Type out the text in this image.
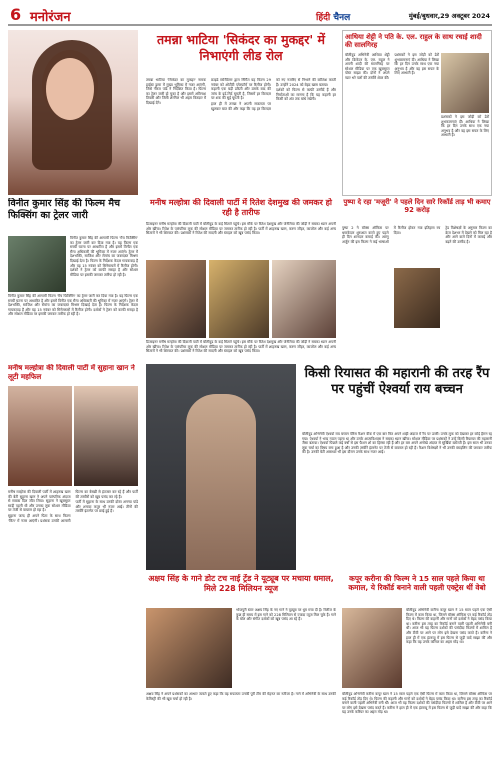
6 मनोरंजन	हिंदी चैनल	मुंबई/बुधवार,29 अक्टूबर 2024
तमन्ना भाटिया 'सिकंदर का मुकद्दर' में निभाएंगी लीड रोल

तमन्ना भाटिया 'सिकंदर का मुकद्दर' नामक हाईस्ट ड्रामा में मुख्य भूमिका में नजर आएंगी, जिसे नीरज पांडे ने निर्देशित किया है। फिल्म का ट्रेलर जारी हो चुका है और इसमें अविनाश तिवारी और जिमी शेरगिल भी अहम किरदार में दिखाई देंगे।

फ्राइडे स्टोरीटेलर द्वारा निर्मित यह फिल्म 29 नवंबर को ओटीटी प्लेटफॉर्म पर रिलीज होगी। कहानी एक बड़ी डकैती और उसके बाद की जांच के इर्द-गिर्द घूमती है, जिसमें हर किरदार पर शक की सुई घूमती है।

हाल ही में तमन्ना ने अपनी सफलता पर खुलकर बात की और कहा कि वह हर किरदार को नए नजरिए से निभाने की कोशिश करती हैं। उन्होंने 2024 को बेहद खास बताया।

दर्शकों को फिल्म से काफी उम्मीदें हैं और निर्माताओं का मानना है कि यह कहानी हर किसी को अंत तक बांधे रखेगी।

आथिया शेट्टी ने पति के. एल. राहुल के साथ रचाई शादी की सालगिरह

बॉलीवुड अभिनेत्री आथिया शेट्टी और क्रिकेटर के. एल. राहुल ने अपनी शादी की सालगिरह पर सोशल मीडिया पर एक खूबसूरत पोस्ट साझा की। दोनों ने अपने प्यार भरे पलों की तस्वीरें शेयर कीं।

प्रशंसकों ने इस जोड़ी को ढेरों शुभकामनाएं दीं। आथिया ने लिखा कि हर दिन उनके साथ एक नया अनुभव है और वह इस सफर के लिए आभारी हैं।

प्रशंसकों ने इस जोड़ी को ढेरों शुभकामनाएं दीं। आथिया ने लिखा कि हर दिन उनके साथ एक नया अनुभव है और वह इस सफर के लिए आभारी हैं।

पुष्पा दे रहा 'मजूरी' ने पहले दिन सारे रिकॉर्ड ताड़ भी कमाए 92 करोड़

पुष्पा 2 ने बॉक्स ऑफिस पर धमाकेदार शुरुआत करते हुए पहले ही दिन शानदार कमाई की। अल्लू अर्जुन की इस फिल्म ने कई भाषाओं में रिलीज होकर नया इतिहास रच दिया।

ट्रेड विशेषज्ञों के अनुसार फिल्म का क्रेज देशभर में देखने को मिल रहा है और आने वाले दिनों में कमाई और बढ़ने की उम्मीद है।

विनीत कुमार सिंह की फिल्म मैच फिक्सिंग का ट्रेलर जारी
विनीत कुमार सिंह की आगामी फिल्म 'मैच फिक्सिंग' का ट्रेलर जारी कर दिया गया है। यह फिल्म एक सच्ची घटना पर आधारित है और इसमें विनीत एक सैन्य अधिकारी की भूमिका में नजर आएंगे। ट्रेलर में देशभक्ति, साजिश और रोमांच का जबरदस्त मिश्रण दिखाई देता है। फिल्म के निर्देशक केदार गायकवाड़ हैं और यह 15 नवंबर को सिनेमाघरों में रिलीज होगी। दर्शकों ने ट्रेलर को काफी सराहा है और सोशल मीडिया पर इसकी जमकर तारीफ हो रही है।
विनीत कुमार सिंह की आगामी फिल्म 'मैच फिक्सिंग' का ट्रेलर जारी कर दिया गया है। यह फिल्म एक सच्ची घटना पर आधारित है और इसमें विनीत एक सैन्य अधिकारी की भूमिका में नजर आएंगे। ट्रेलर में देशभक्ति, साजिश और रोमांच का जबरदस्त मिश्रण दिखाई देता है। फिल्म के निर्देशक केदार गायकवाड़ हैं और यह 15 नवंबर को सिनेमाघरों में रिलीज होगी। दर्शकों ने ट्रेलर को काफी सराहा है और सोशल मीडिया पर इसकी जमकर तारीफ हो रही है।
मनीष मल्होत्रा की दिवाली पार्टी में रितेश देशमुख की जमकर हो रही है तारीफ
डिजाइनर मनीष मल्होत्रा की दिवाली पार्टी में बॉलीवुड के कई सितारे पहुंचे। इस मौके पर रितेश देशमुख और जेनेलिया की जोड़ी ने सबका ध्यान अपनी ओर खींचा। रितेश के पारंपरिक लुक की सोशल मीडिया पर जमकर तारीफ हो रही है। पार्टी में शाहरुख खान, करण जौहर, काजोल और कई अन्य सितारों ने भी शिरकत की। प्रशंसकों ने रितेश की सादगी और स्टाइल को खूब पसंद किया।
डिजाइनर मनीष मल्होत्रा की दिवाली पार्टी में बॉलीवुड के कई सितारे पहुंचे। इस मौके पर रितेश देशमुख और जेनेलिया की जोड़ी ने सबका ध्यान अपनी ओर खींचा। रितेश के पारंपरिक लुक की सोशल मीडिया पर जमकर तारीफ हो रही है। पार्टी में शाहरुख खान, करण जौहर, काजोल और कई अन्य सितारों ने भी शिरकत की। प्रशंसकों ने रितेश की सादगी और स्टाइल को खूब पसंद किया।
मनीष मल्होत्रा की दिवाली पार्टी में सुहाना खान ने लूटी महफिल

मनीष मल्होत्रा की दिवाली पार्टी में शाहरुख खान की बेटी सुहाना खान ने अपने पारंपरिक अंदाज से सबका दिल जीत लिया। सुहाना ने खूबसूरत साड़ी पहनी थी और उनका लुक सोशल मीडिया पर तेजी से वायरल हो रहा है।

सुहाना जल्द ही अपने पिता के साथ फिल्म 'किंग' में नजर आएंगी। प्रशंसक उनकी आगामी फिल्म का बेसब्री से इंतजार कर रहे हैं और पार्टी की तस्वीरों को खूब पसंद कर रहे हैं।

पार्टी में सुहाना के साथ उनकी दोस्त अनन्या पांडे और शनाया कपूर भी नजर आईं। तीनों की तस्वीरें इंटरनेट पर छाई हुई हैं।

किसी रियासत की महारानी की तरह रैंप पर पहुंचीं ऐश्वर्या राय बच्चन
बॉलीवुड अभिनेत्री ऐश्वर्या राय बच्चन पेरिस फैशन वीक में एक बार फिर अपने शाही अंदाज में रैंप पर उतरीं। उनके लुक को देखकर हर कोई हैरान रह गया। ऐश्वर्या ने भव्य गाउन पहना था और उनके आत्मविश्वास ने सबका ध्यान खींचा। सोशल मीडिया पर प्रशंसकों ने उन्हें किसी रियासत की महारानी जैसा बताया। ऐश्वर्या पिछले कई वर्षों से इस फैशन शो का हिस्सा रही हैं और हर बार अपने अनोखे अंदाज से सुर्खियां बटोरती हैं। इस साल भी उनका लुक चर्चा का विषय बना हुआ है और उनकी तस्वीरें इंटरनेट पर तेजी से वायरल हो रही हैं। फैशन विशेषज्ञों ने भी उनकी स्टाइलिंग की जमकर तारीफ की है। उनकी बेटी आराध्या भी इस दौरान उनके साथ नजर आईं।
अक्षय सिंह के गाने डोट टच नाई ट्रेंड ने यूट्यूब पर मचाया धमाल, मिले 228 मिलियन व्यूज
भोजपुरी स्टार अक्षय सिंह के नए गाने ने यूट्यूब पर धूम मचा दी है। रिलीज के कुछ ही समय में इस गाने को 228 मिलियन से ज्यादा व्यूज मिल चुके हैं। गाने के बोल और संगीत दर्शकों को खूब पसंद आ रहे हैं।
अक्षय सिंह ने अपने प्रशंसकों का आभार जताते हुए कहा कि यह सफलता उनकी पूरी टीम की मेहनत का नतीजा है। गाने में अभिनेत्री के साथ उनकी केमिस्ट्री की भी खूब चर्चा हो रही है।
कपूर करीना की फिल्म ने 15 साल पहले किया था कमाल, ये रिकॉर्ड बनाने वाली पहली एक्ट्रेस थीं वेबो
बॉलीवुड अभिनेत्री करीना कपूर खान ने 15 साल पहले एक ऐसी फिल्म में काम किया था, जिसने बॉक्स ऑफिस पर कई रिकॉर्ड तोड़ दिए थे। फिल्म की कहानी और गानों को दर्शकों ने बेहद पसंद किया था। करीना इस तरह का रिकॉर्ड बनाने वाली पहली अभिनेत्री बनी थीं। आज भी यह फिल्म दर्शकों की पसंदीदा फिल्मों में शामिल है और टीवी पर आने पर लोग इसे देखना पसंद करते हैं। करीना ने हाल ही में एक इंटरव्यू में इस फिल्म से जुड़ी यादें साझा कीं और कहा कि यह उनके करियर का अहम मोड़ था।
बॉलीवुड अभिनेत्री करीना कपूर खान ने 15 साल पहले एक ऐसी फिल्म में काम किया था, जिसने बॉक्स ऑफिस पर कई रिकॉर्ड तोड़ दिए थे। फिल्म की कहानी और गानों को दर्शकों ने बेहद पसंद किया था। करीना इस तरह का रिकॉर्ड बनाने वाली पहली अभिनेत्री बनी थीं। आज भी यह फिल्म दर्शकों की पसंदीदा फिल्मों में शामिल है और टीवी पर आने पर लोग इसे देखना पसंद करते हैं। करीना ने हाल ही में एक इंटरव्यू में इस फिल्म से जुड़ी यादें साझा कीं और कहा कि यह उनके करियर का अहम मोड़ था।
